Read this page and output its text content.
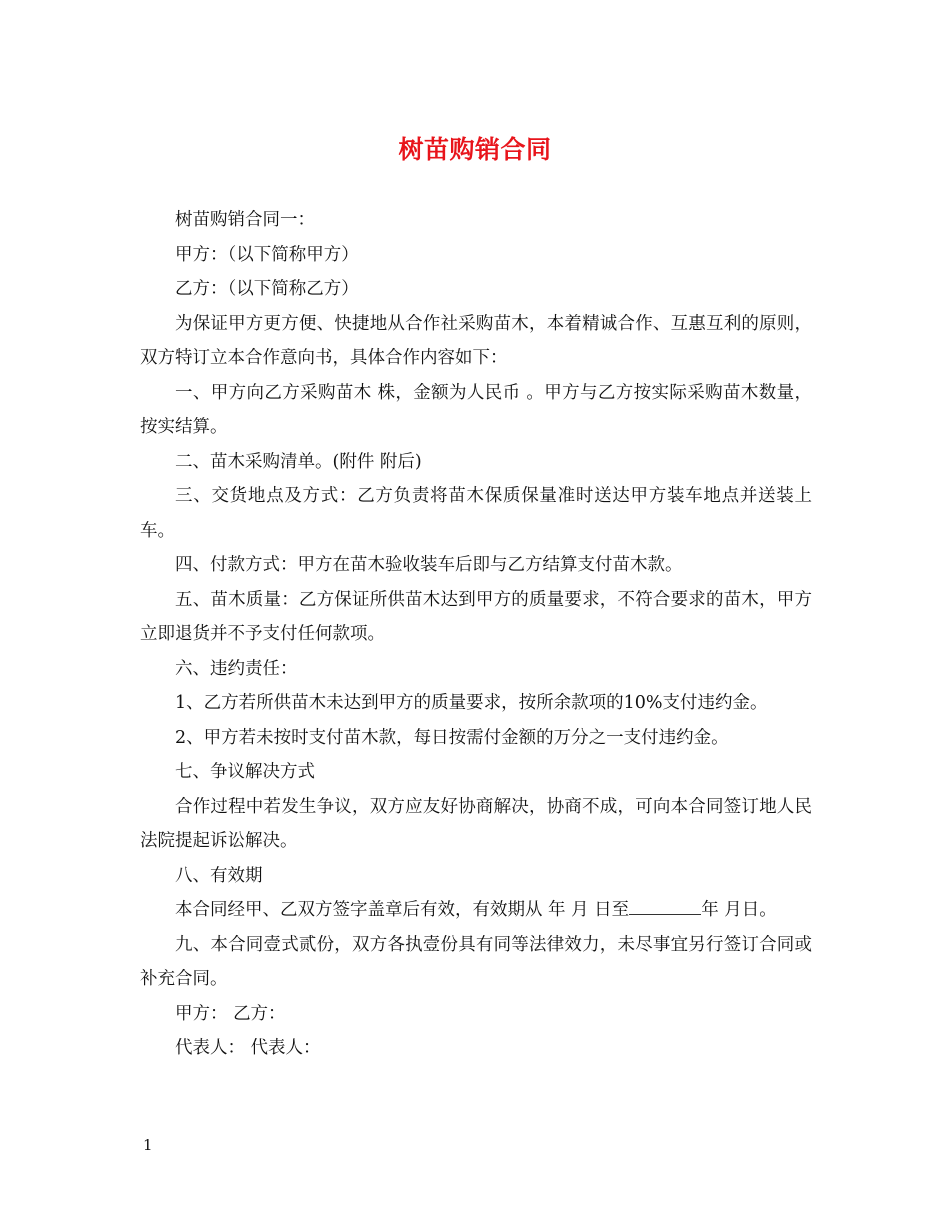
树苗购销合同

树苗购销合同一：

甲方：（以下简称甲方）

乙方：（以下简称乙方）

为保证甲方更方便、快捷地从合作社采购苗木，本着精诚合作、互惠互利的原则，双方特订立本合作意向书，具体合作内容如下：

一、甲方向乙方采购苗木 株，金额为人民币 。甲方与乙方按实际采购苗木数量，按实结算。

二、苗木采购清单。(附件 附后)

三、交货地点及方式：乙方负责将苗木保质保量准时送达甲方装车地点并送装上车。

四、付款方式：甲方在苗木验收装车后即与乙方结算支付苗木款。

五、苗木质量：乙方保证所供苗木达到甲方的质量要求，不符合要求的苗木，甲方立即退货并不予支付任何款项。

六、违约责任：

1、乙方若所供苗木未达到甲方的质量要求，按所余款项的10%支付违约金。

2、甲方若未按时支付苗木款，每日按需付金额的万分之一支付违约金。

七、争议解决方式

合作过程中若发生争议，双方应友好协商解决，协商不成，可向本合同签订地人民法院提起诉讼解决。

八、有效期

本合同经甲、乙双方签字盖章后有效，有效期从 年 月 日至	年 月日。

九、本合同壹式贰份，双方各执壹份具有同等法律效力，未尽事宜另行签订合同或补充合同。

甲方： 乙方：

代表人： 代表人：

1
